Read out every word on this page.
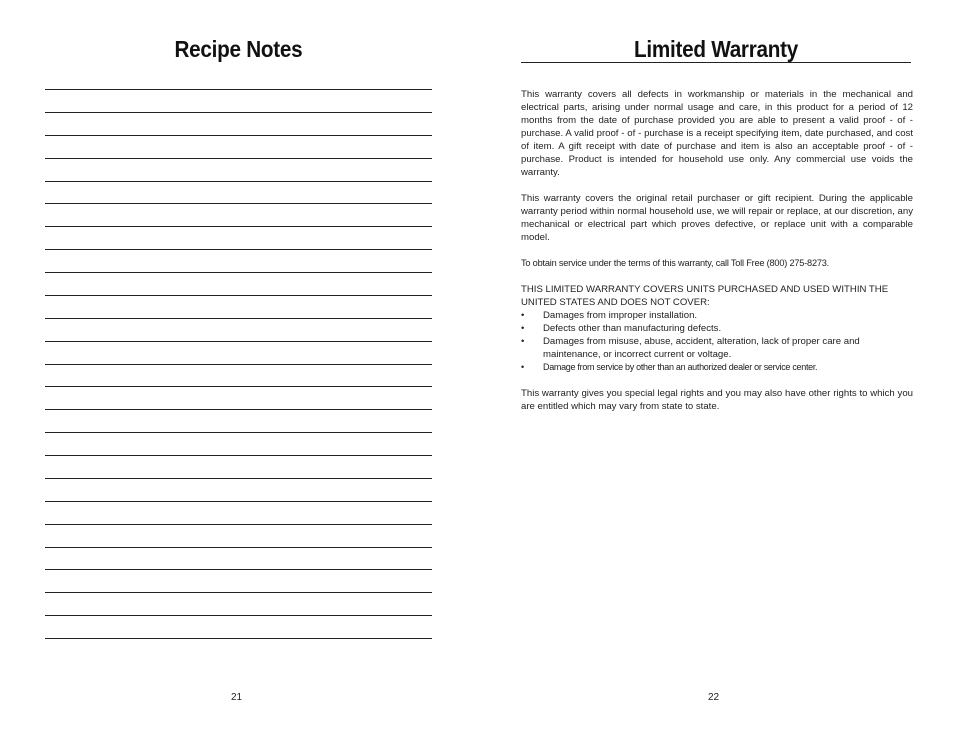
Recipe Notes

21

Limited Warranty

This warranty covers all defects in workmanship or materials in the mechanical and electrical parts, arising under normal usage and care, in this product for a period of 12 months from the date of purchase provided you are able to present a valid proof - of - purchase. A valid proof - of - purchase is a receipt specifying item, date purchased, and cost of item. A gift receipt with date of purchase and item is also an acceptable proof - of - purchase. Product is intended for household use only. Any commercial use voids the warranty.

This warranty covers the original retail purchaser or gift recipient. During the applicable warranty period within normal household use, we will repair or replace, at our discretion, any mechanical or electrical part which proves defective, or replace unit with a comparable model.

To obtain service under the terms of this warranty, call Toll Free (800) 275-8273.

THIS LIMITED WARRANTY COVERS UNITS PURCHASED AND USED WITHIN THE UNITED STATES AND DOES NOT COVER:

• Damages from improper installation.
• Defects other than manufacturing defects.
• Damages from misuse, abuse, accident, alteration, lack of proper care and maintenance, or incorrect current or voltage.
• Damage from service by other than an authorized dealer or service center.

This warranty gives you special legal rights and you may also have other rights to which you are entitled which may vary from state to state.

22
